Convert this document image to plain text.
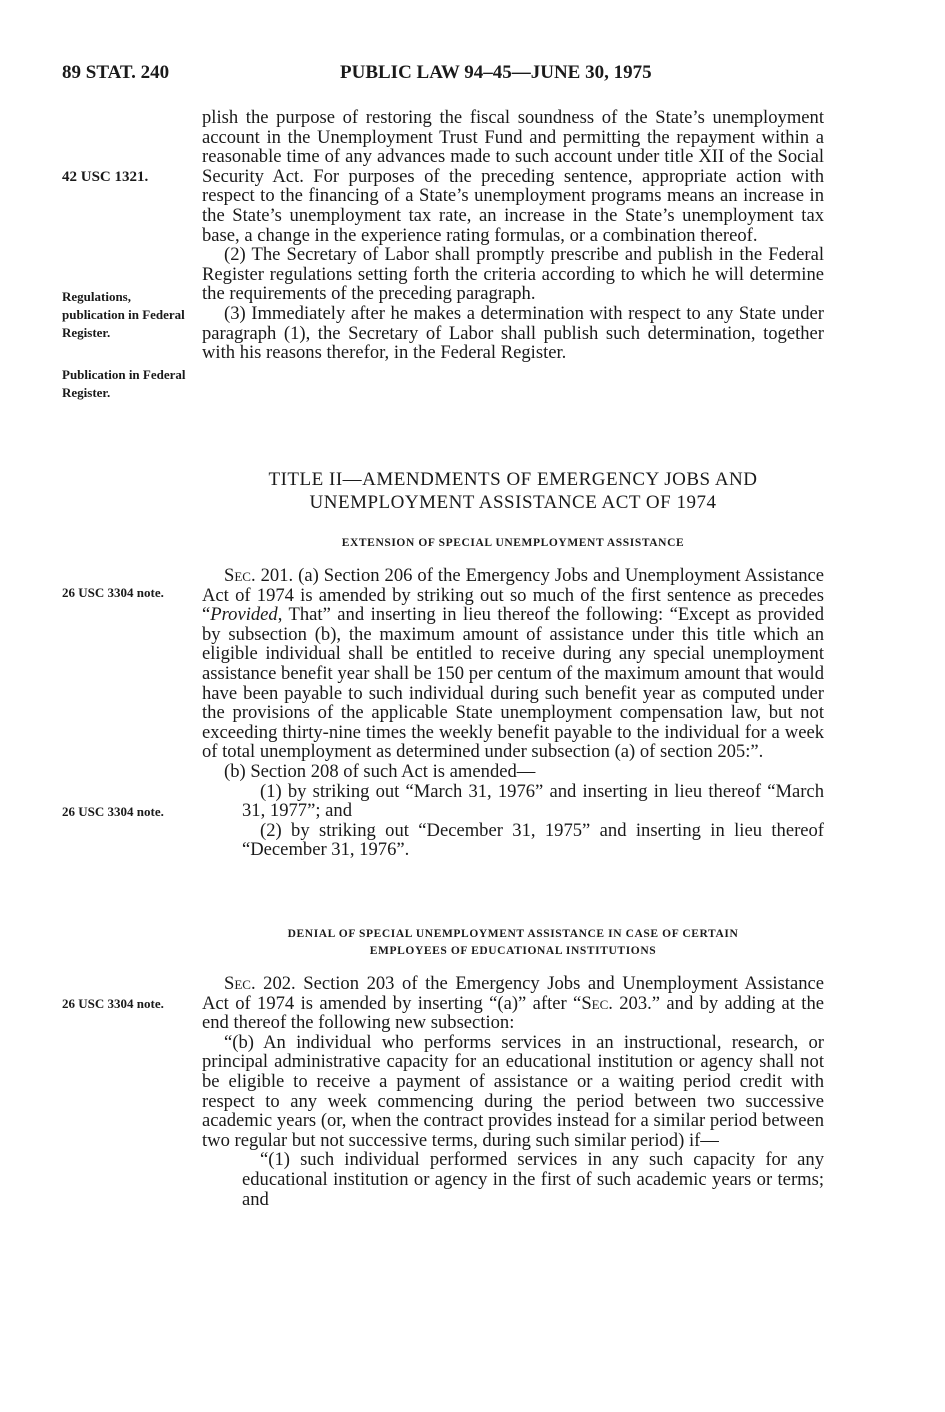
89 STAT. 240	PUBLIC LAW 94–45—JUNE 30, 1975
42 USC 1321.
Regulations, publication in Federal Register.
Publication in Federal Register.
26 USC 3304 note.
26 USC 3304 note.
26 USC 3304 note.

plish the purpose of restoring the fiscal soundness of the State’s unemployment account in the Unemployment Trust Fund and permitting the repayment within a reasonable time of any advances made to such account under title XII of the Social Security Act. For purposes of the preceding sentence, appropriate action with respect to the financing of a State’s unemployment programs means an increase in the State’s unemployment tax rate, an increase in the State’s unemployment tax base, a change in the experience rating formulas, or a combination thereof.

(2) The Secretary of Labor shall promptly prescribe and publish in the Federal Register regulations setting forth the criteria according to which he will determine the requirements of the preceding paragraph.

(3) Immediately after he makes a determination with respect to any State under paragraph (1), the Secretary of Labor shall publish such determination, together with his reasons therefor, in the Federal Register.

TITLE II—AMENDMENTS OF EMERGENCY JOBS AND
UNEMPLOYMENT ASSISTANCE ACT OF 1974
EXTENSION OF SPECIAL UNEMPLOYMENT ASSISTANCE

Sec. 201. (a) Section 206 of the Emergency Jobs and Unemployment Assistance Act of 1974 is amended by striking out so much of the first sentence as precedes “Provided, That” and inserting in lieu thereof the following: “Except as provided by subsection (b), the maximum amount of assistance under this title which an eligible individual shall be entitled to receive during any special unemployment assistance benefit year shall be 150 per centum of the maximum amount that would have been payable to such individual during such benefit year as computed under the provisions of the applicable State unemployment compensation law, but not exceeding thirty-nine times the weekly benefit payable to the individual for a week of total unemployment as determined under subsection (a) of section 205:”.

(b) Section 208 of such Act is amended—

(1) by striking out “March 31, 1976” and inserting in lieu thereof “March 31, 1977”; and

(2) by striking out “December 31, 1975” and inserting in lieu thereof “December 31, 1976”.

DENIAL OF SPECIAL UNEMPLOYMENT ASSISTANCE IN CASE OF CERTAIN
EMPLOYEES OF EDUCATIONAL INSTITUTIONS

Sec. 202. Section 203 of the Emergency Jobs and Unemployment Assistance Act of 1974 is amended by inserting “(a)” after “Sec. 203.” and by adding at the end thereof the following new subsection:

“(b) An individual who performs services in an instructional, research, or principal administrative capacity for an educational institution or agency shall not be eligible to receive a payment of assistance or a waiting period credit with respect to any week commencing during the period between two successive academic years (or, when the contract provides instead for a similar period between two regular but not successive terms, during such similar period) if—

“(1) such individual performed services in any such capacity for any educational institution or agency in the first of such academic years or terms; and
